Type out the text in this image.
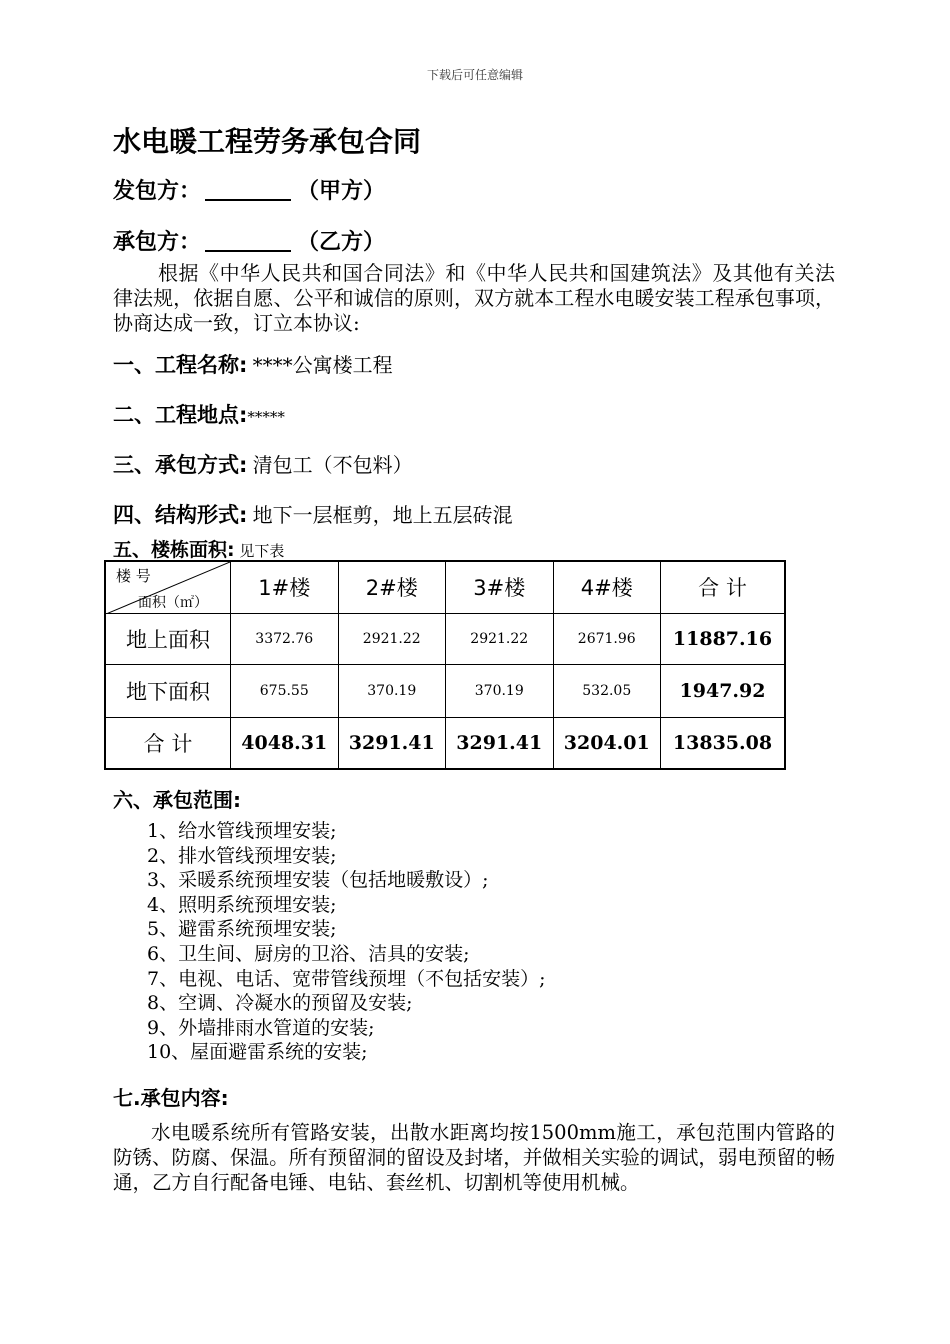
下载后可任意编辑
水电暖工程劳务承包合同
发包方：	（甲方）
承包方：	（乙方）
根据《中华人民共和国合同法》和《中华人民共和国建筑法》及其他有关法律法规，依据自愿、公平和诚信的原则，双方就本工程水电暖安装工程承包事项，协商达成一致，订立本协议:
一、工程名称: ****公寓楼工程
二、工程地点:*****
三、承包方式: 清包工（不包料）
四、结构形式: 地下一层框剪，地上五层砖混
五、楼栋面积: 见下表
楼 号
面积（㎡）	1#楼	2#楼	3#楼	4#楼	合 计
地上面积	3372.76	2921.22	2921.22	2671.96	11887.16
地下面积	675.55	370.19	370.19	532.05	1947.92
合 计	4048.31	3291.41	3291.41	3204.01	13835.08
六、承包范围:
1、给水管线预埋安装;
2、排水管线预埋安装;
3、采暖系统预埋安装（包括地暖敷设）;
4、照明系统预埋安装;
5、避雷系统预埋安装;
6、卫生间、厨房的卫浴、洁具的安装;
7、电视、电话、宽带管线预埋（不包括安装）;
8、空调、冷凝水的预留及安装;
9、外墙排雨水管道的安装;
10、屋面避雷系统的安装;
七.承包内容:
水电暖系统所有管路安装，出散水距离均按1500mm施工，承包范围内管路的防锈、防腐、保温。所有预留洞的留设及封堵，并做相关实验的调试，弱电预留的畅通，乙方自行配备电锤、电钻、套丝机、切割机等使用机械。
